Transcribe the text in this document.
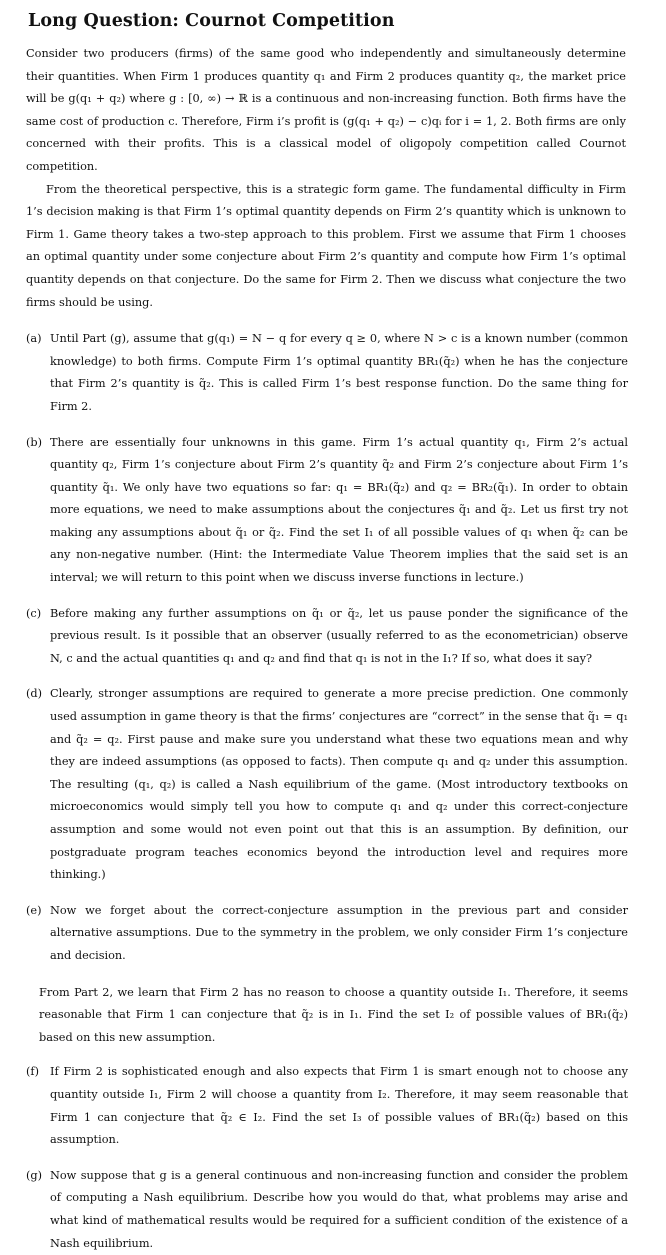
Long Question: Cournot Competition

Consider two producers (firms) of the same good who independently and simultaneously determine their quantities. When Firm 1 produces quantity q₁ and Firm 2 produces quantity q₂, the market price will be g(q₁ + q₂) where g : [0, ∞) → ℝ is a continuous and non-increasing function. Both firms have the same cost of production c. Therefore, Firm i’s profit is (g(q₁ + q₂) − c)qᵢ for i = 1, 2. Both firms are only concerned with their profits. This is a classical model of oligopoly competition called Cournot competition.

From the theoretical perspective, this is a strategic form game. The fundamental difficulty in Firm 1’s decision making is that Firm 1’s optimal quantity depends on Firm 2’s quantity which is unknown to Firm 1. Game theory takes a two-step approach to this problem. First we assume that Firm 1 chooses an optimal quantity under some conjecture about Firm 2’s quantity and compute how Firm 1’s optimal quantity depends on that conjecture. Do the same for Firm 2. Then we discuss what conjecture the two firms should be using.

(a) Until Part (g), assume that g(q₁) = N − q for every q ≥ 0, where N > c is a known number (common knowledge) to both firms. Compute Firm 1’s optimal quantity BR₁(q̃₂) when he has the conjecture that Firm 2’s quantity is q̃₂. This is called Firm 1’s best response function. Do the same thing for Firm 2.
(b) There are essentially four unknowns in this game. Firm 1’s actual quantity q₁, Firm 2’s actual quantity q₂, Firm 1’s conjecture about Firm 2’s quantity q̃₂ and Firm 2’s conjecture about Firm 1’s quantity q̃₁. We only have two equations so far: q₁ = BR₁(q̃₂) and q₂ = BR₂(q̃₁). In order to obtain more equations, we need to make assumptions about the conjectures q̃₁ and q̃₂. Let us first try not making any assumptions about q̃₁ or q̃₂. Find the set I₁ of all possible values of q₁ when q̃₂ can be any non-negative number. (Hint: the Intermediate Value Theorem implies that the said set is an interval; we will return to this point when we discuss inverse functions in lecture.)
(c) Before making any further assumptions on q̃₁ or q̃₂, let us pause ponder the significance of the previous result. Is it possible that an observer (usually referred to as the econometrician) observe N, c and the actual quantities q₁ and q₂ and find that q₁ is not in the I₁? If so, what does it say?
(d) Clearly, stronger assumptions are required to generate a more precise prediction. One commonly used assumption in game theory is that the firms’ conjectures are “correct” in the sense that q̃₁ = q₁ and q̃₂ = q₂. First pause and make sure you understand what these two equations mean and why they are indeed assumptions (as opposed to facts). Then compute q₁ and q₂ under this assumption. The resulting (q₁, q₂) is called a Nash equilibrium of the game. (Most introductory textbooks on microeconomics would simply tell you how to compute q₁ and q₂ under this correct-conjecture assumption and some would not even point out that this is an assumption. By definition, our postgraduate program teaches economics beyond the introduction level and requires more thinking.)
(e) Now we forget about the correct-conjecture assumption in the previous part and consider alternative assumptions. Due to the symmetry in the problem, we only consider Firm 1’s conjecture and decision.

From Part 2, we learn that Firm 2 has no reason to choose a quantity outside I₁. Therefore, it seems reasonable that Firm 1 can conjecture that q̃₂ is in I₁. Find the set I₂ of possible values of BR₁(q̃₂) based on this new assumption.

(f) If Firm 2 is sophisticated enough and also expects that Firm 1 is smart enough not to choose any quantity outside I₁, Firm 2 will choose a quantity from I₂. Therefore, it may seem reasonable that Firm 1 can conjecture that q̃₂ ∈ I₂. Find the set I₃ of possible values of BR₁(q̃₂) based on this assumption.
(g) Now suppose that g is a general continuous and non-increasing function and consider the problem of computing a Nash equilibrium. Describe how you would do that, what problems may arise and what kind of mathematical results would be required for a sufficient condition of the existence of a Nash equilibrium.
